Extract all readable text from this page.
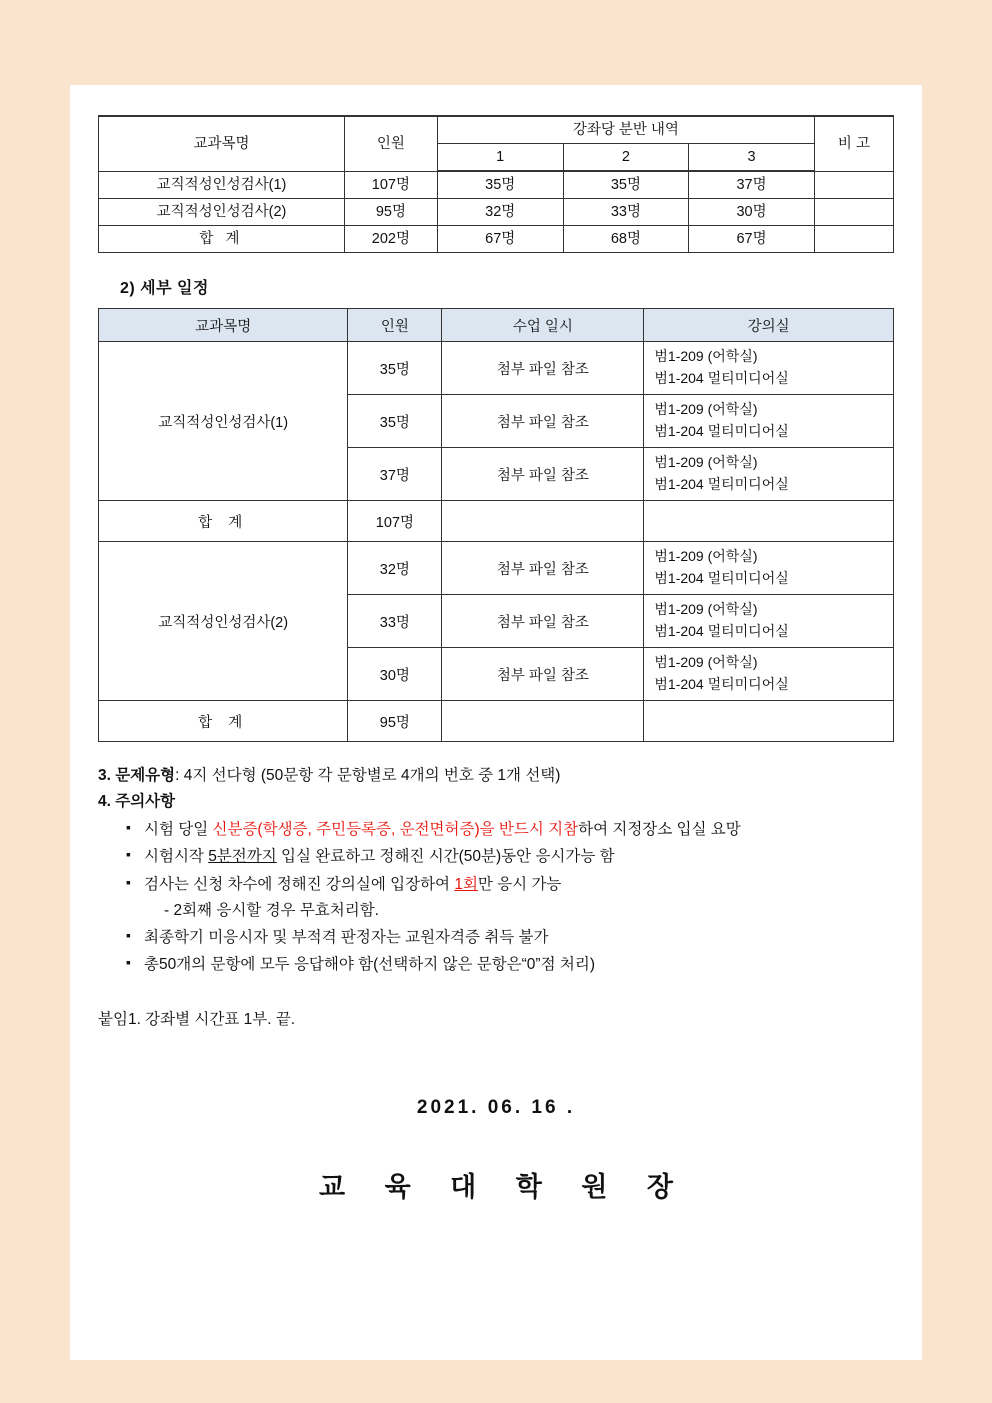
교과목명	인원	강좌당 분반 내역			비 고
		1	2	3	
교직적성인성검사(1)	107명	35명	35명	37명	
교직적성인성검사(2)	95명	32명	33명	30명	
합 계	202명	67명	68명	67명	
2) 세부 일정
교과목명	인원	수업 일시	강의실
교직적성인성검사(1)	35명	첨부 파일 참조	범1-209 (어학실)
범1-204 멀티미디어실
	35명	첨부 파일 참조	범1-209 (어학실)
범1-204 멀티미디어실
	37명	첨부 파일 참조	범1-209 (어학실)
범1-204 멀티미디어실
합 계	107명		
교직적성인성검사(2)	32명	첨부 파일 참조	범1-209 (어학실)
범1-204 멀티미디어실
	33명	첨부 파일 참조	범1-209 (어학실)
범1-204 멀티미디어실
	30명	첨부 파일 참조	범1-209 (어학실)
범1-204 멀티미디어실
합 계	95명		
3. 문제유형: 4지 선다형 (50문항 각 문항별로 4개의 번호 중 1개 선택)
4. 주의사항
▪ 시험 당일 신분증(학생증, 주민등록증, 운전면허증)을 반드시 지참하여 지정장소 입실 요망
▪ 시험시작 5분전까지 입실 완료하고 정해진 시간(50분)동안 응시가능 함
▪ 검사는 신청 차수에 정해진 강의실에 입장하여 1회만 응시 가능
- 2회째 응시할 경우 무효처리함.
▪ 최종학기 미응시자 및 부적격 판정자는 교원자격증 취득 불가
▪ 총50개의 문항에 모두 응답해야 함(선택하지 않은 문항은“0”점 처리)
붙임1. 강좌별 시간표 1부. 끝.
2021. 06. 16 .
교 육 대 학 원 장
